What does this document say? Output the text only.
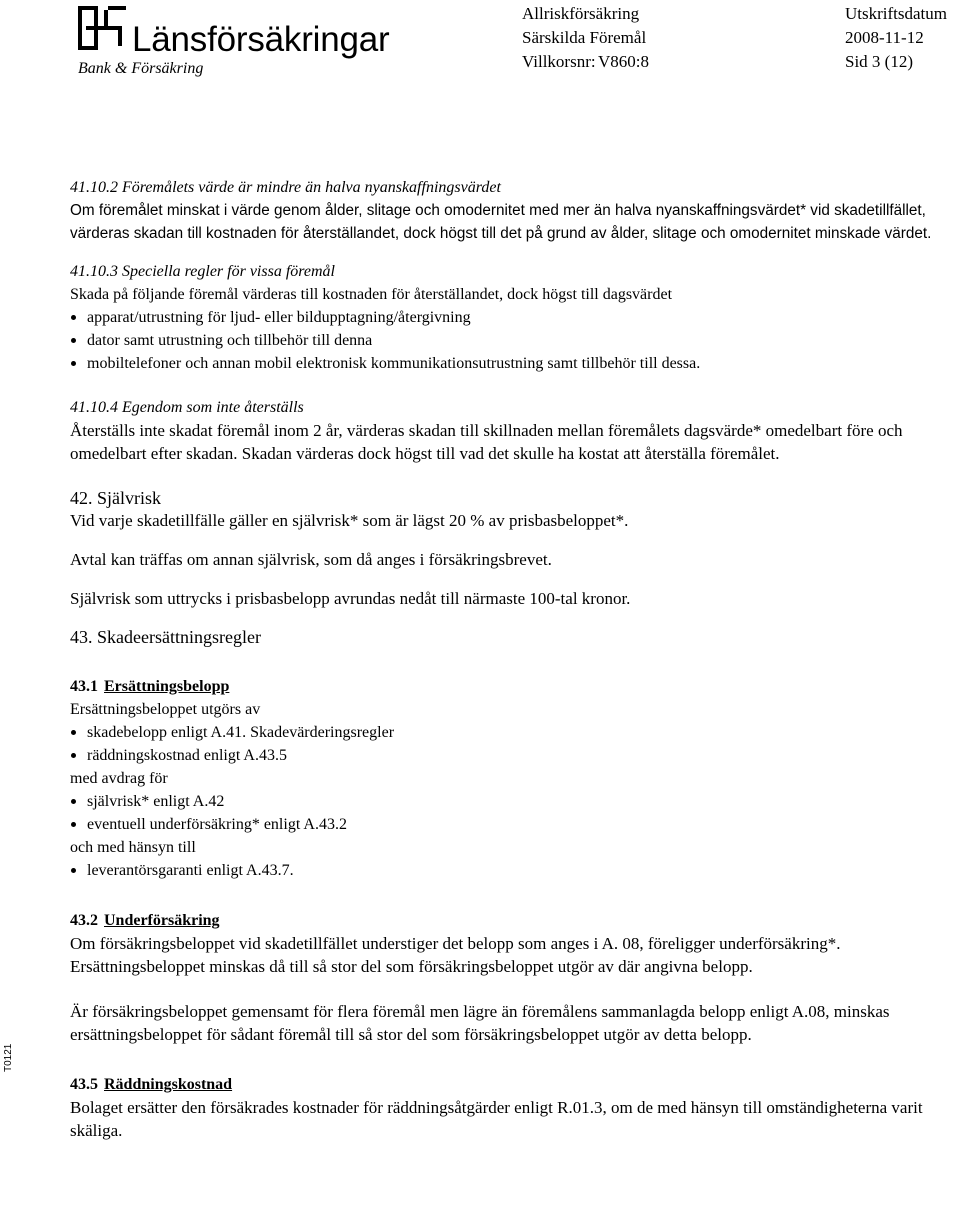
Länsförsäkringar
Bank & Försäkring
Allriskförsäkring
Särskilda Föremål
Villkorsnr: V860:8
Utskriftsdatum
2008-11-12
Sid 3 (12)
T0121
41.10.2 Föremålets värde är mindre än halva nyanskaffningsvärdet

Om föremålet minskat i värde genom ålder, slitage och omodernitet med mer än halva nyanskaffningsvärdet* vid skadetillfället, värderas skadan till kostnaden för återställandet, dock högst till det på grund av ålder, slitage och omodernitet minskade värdet.

41.10.3 Speciella regler för vissa föremål

Skada på följande föremål värderas till kostnaden för återställandet, dock högst till dagsvärdet

apparat/utrustning för ljud- eller bildupptagning/återgivning
dator samt utrustning och tillbehör till denna
mobiltelefoner och annan mobil elektronisk kommunikationsutrustning samt tillbehör till dessa.
41.10.4 Egendom som inte återställs

Återställs inte skadat föremål inom 2 år, värderas skadan till skillnaden mellan föremålets dagsvärde* omedelbart före och omedelbart efter skadan. Skadan värderas dock högst till vad det skulle ha kostat att återställa föremålet.

42. Självrisk

Vid varje skadetillfälle gäller en självrisk* som är lägst 20 % av prisbasbeloppet*.

Avtal kan träffas om annan självrisk, som då anges i försäkringsbrevet.

Självrisk som uttrycks i prisbasbelopp avrundas nedåt till närmaste 100-tal kronor.

43. Skadeersättningsregler
43.1 Ersättningsbelopp

Ersättningsbeloppet utgörs av

skadebelopp enligt A.41. Skadevärderingsregler
räddningskostnad enligt A.43.5

med avdrag för

självrisk* enligt A.42
eventuell underförsäkring* enligt A.43.2

och med hänsyn till

leverantörsgaranti enligt A.43.7.
43.2 Underförsäkring

Om försäkringsbeloppet vid skadetillfället understiger det belopp som anges i A. 08, föreligger underförsäkring*. Ersättningsbeloppet minskas då till så stor del som försäkringsbeloppet utgör av där angivna belopp.

Är försäkringsbeloppet gemensamt för flera föremål men lägre än föremålens sammanlagda belopp enligt A.08, minskas ersättningsbeloppet för sådant föremål till så stor del som försäkringsbeloppet utgör av detta belopp.

43.5 Räddningskostnad

Bolaget ersätter den försäkrades kostnader för räddningsåtgärder enligt R.01.3, om de med hänsyn till omständigheterna varit skäliga.
